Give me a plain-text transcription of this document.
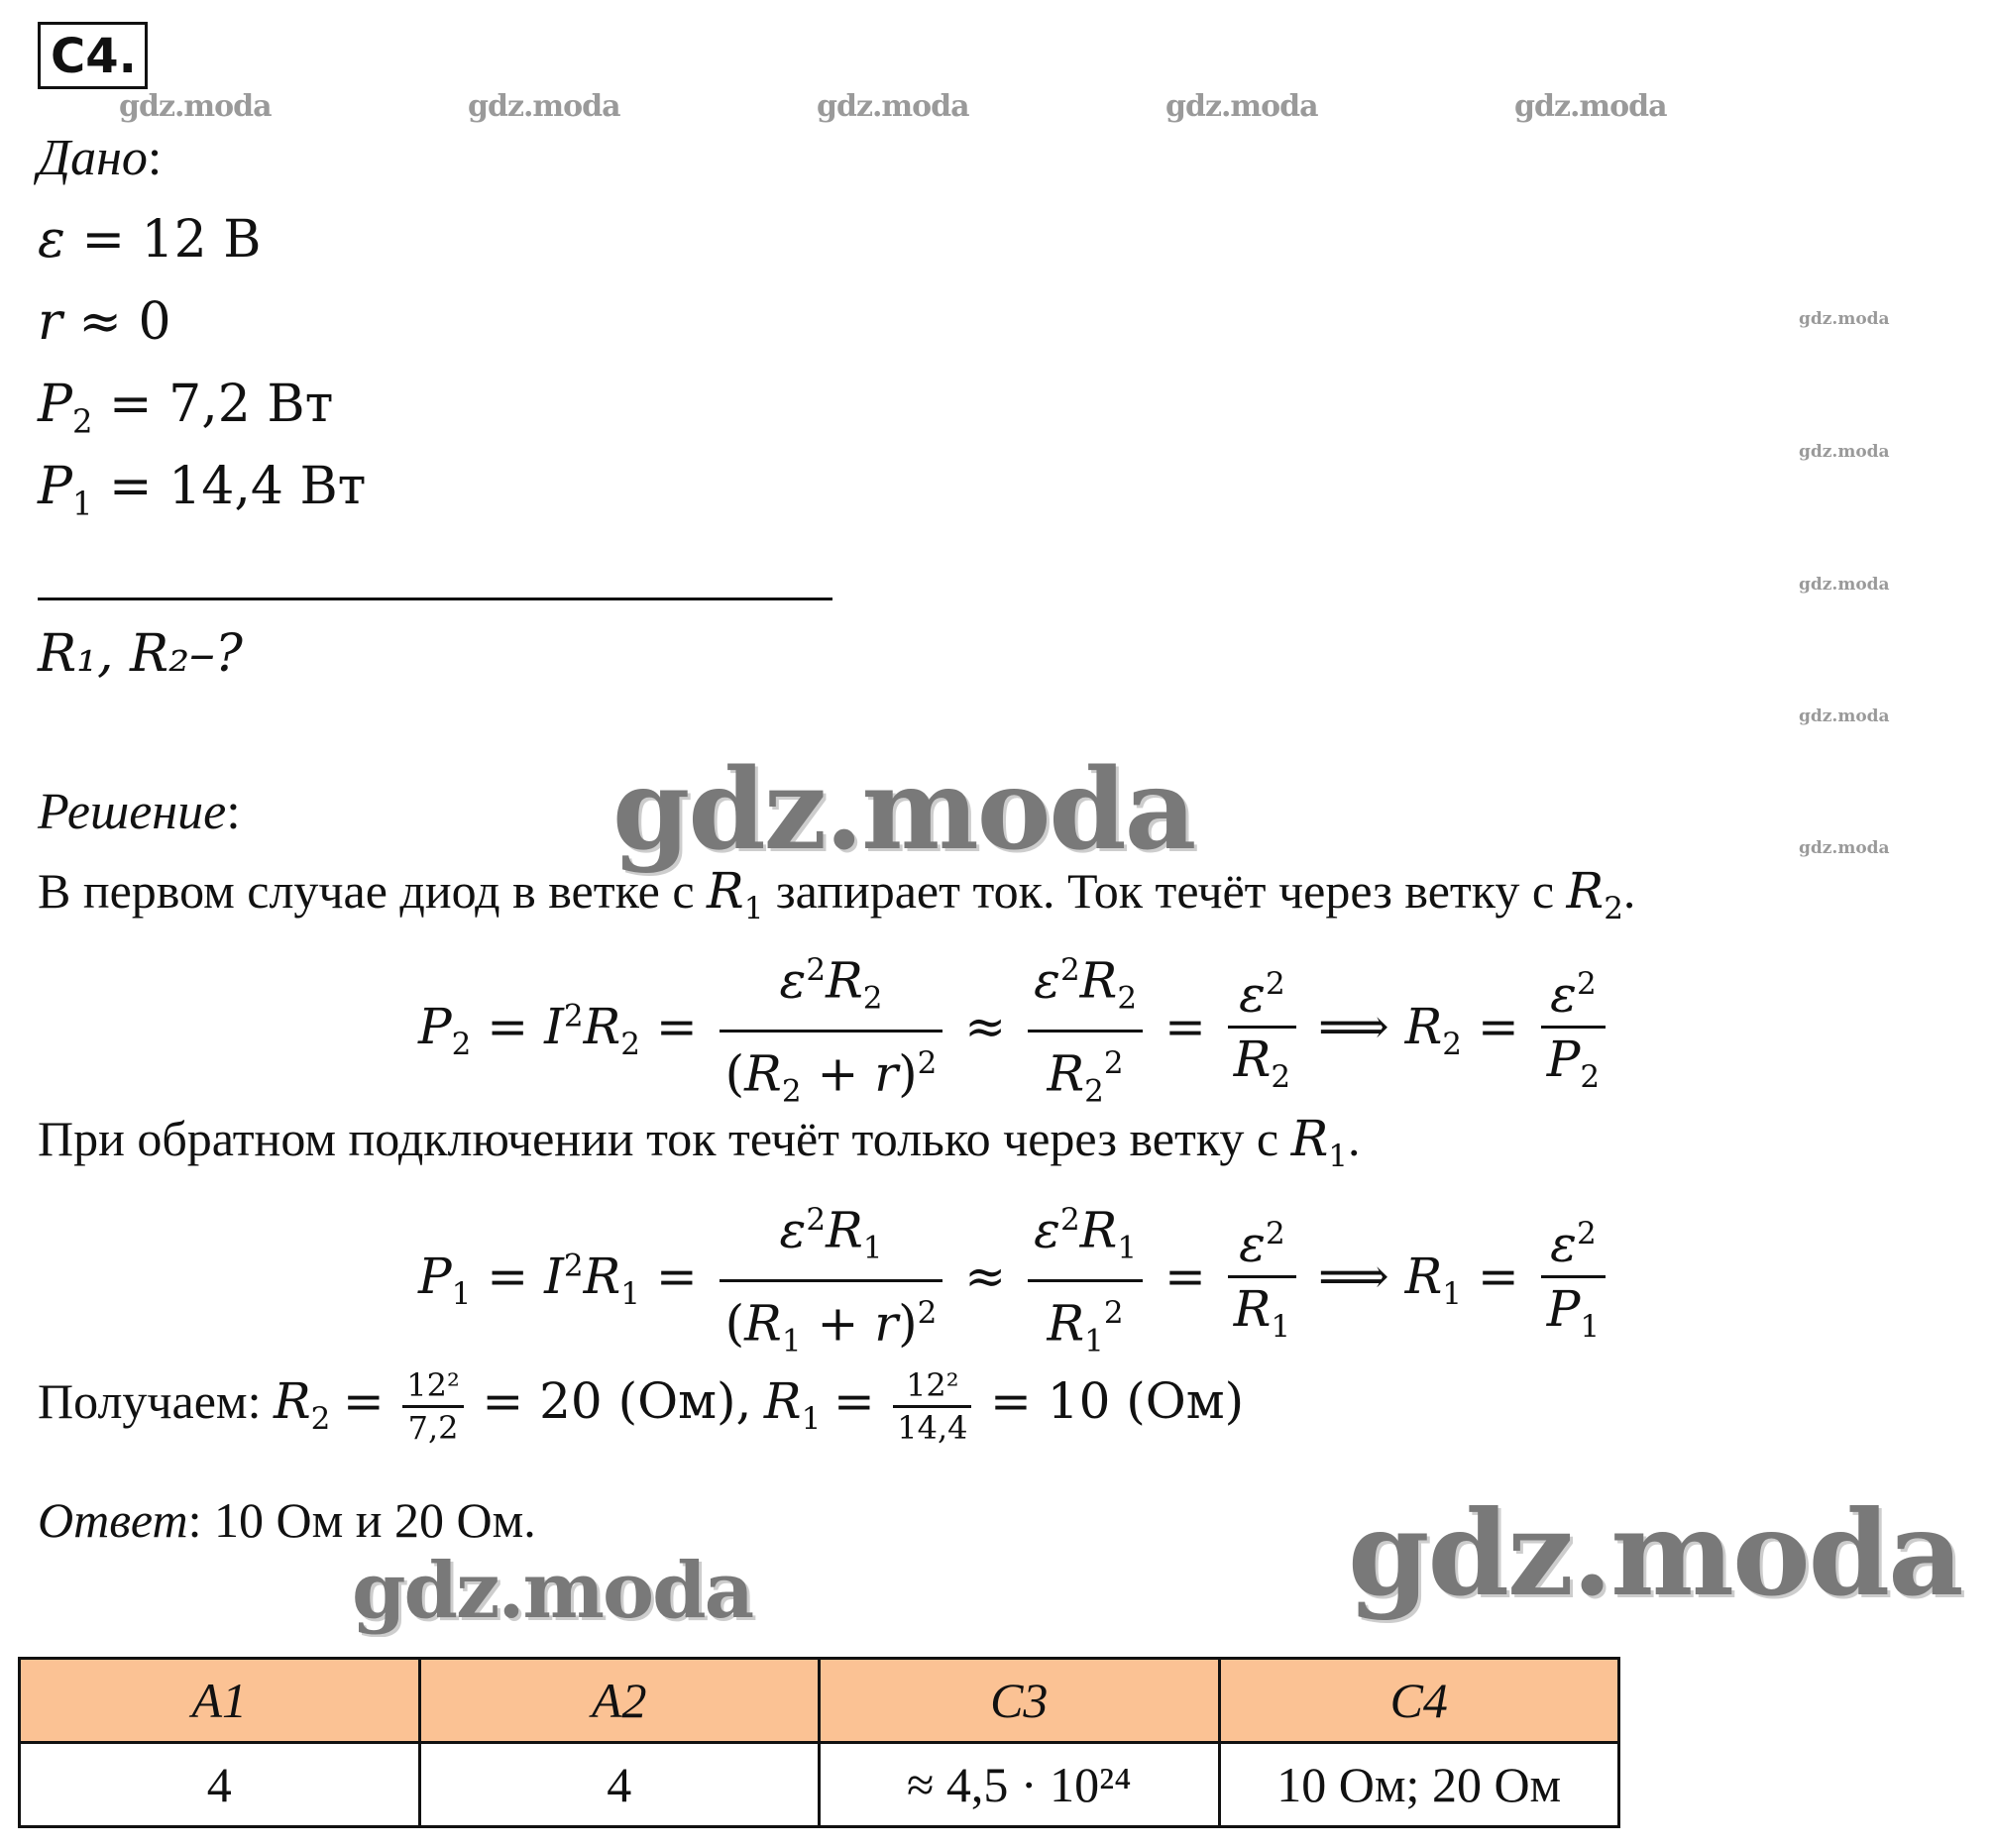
С4.
gdz.moda	gdz.moda	gdz.moda	gdz.moda	gdz.moda
gdz.moda
gdz.moda
gdz.moda
gdz.moda
gdz.moda
Дано:
ε = 12 В
r ≈ 0
$P_2 = 7,2$ Вт
$P_1 = 14,4$ Вт
R₁, R₂–?
gdz.moda
Решение:
В первом случае диод в ветке с $R_1$ запирает ток. Ток течёт через ветку с $R_2$.
$P_2 = I^2R_2 = \frac{\varepsilon^2R_2}{(R_2 + r)^2} \approx \frac{\varepsilon^2R_2}{R_2^2} = \frac{\varepsilon^2}{R_2}$ ⟹ $R_2 = \frac{\varepsilon^2}{P_2}$
При обратном подключении ток течёт только через ветку с $R_1$.
$P_1 = I^2R_1 = \frac{\varepsilon^2R_1}{(R_1 + r)^2} \approx \frac{\varepsilon^2R_1}{R_1^2} = \frac{\varepsilon^2}{R_1}$ ⟹ $R_1 = \frac{\varepsilon^2}{P_1}$
Получаем: $R_2 = \frac{\text{12²}}{7,2} = 20$ (Ом), $R_1 = \frac{\text{12²}}{14,4} = 10$ (Ом)
Ответ: 10 Ом и 20 Ом.	gdz.moda
gdz.moda
А1	А2	С3	С4
4	4	≈ 4,5 · 10²⁴	10 Ом; 20 Ом
